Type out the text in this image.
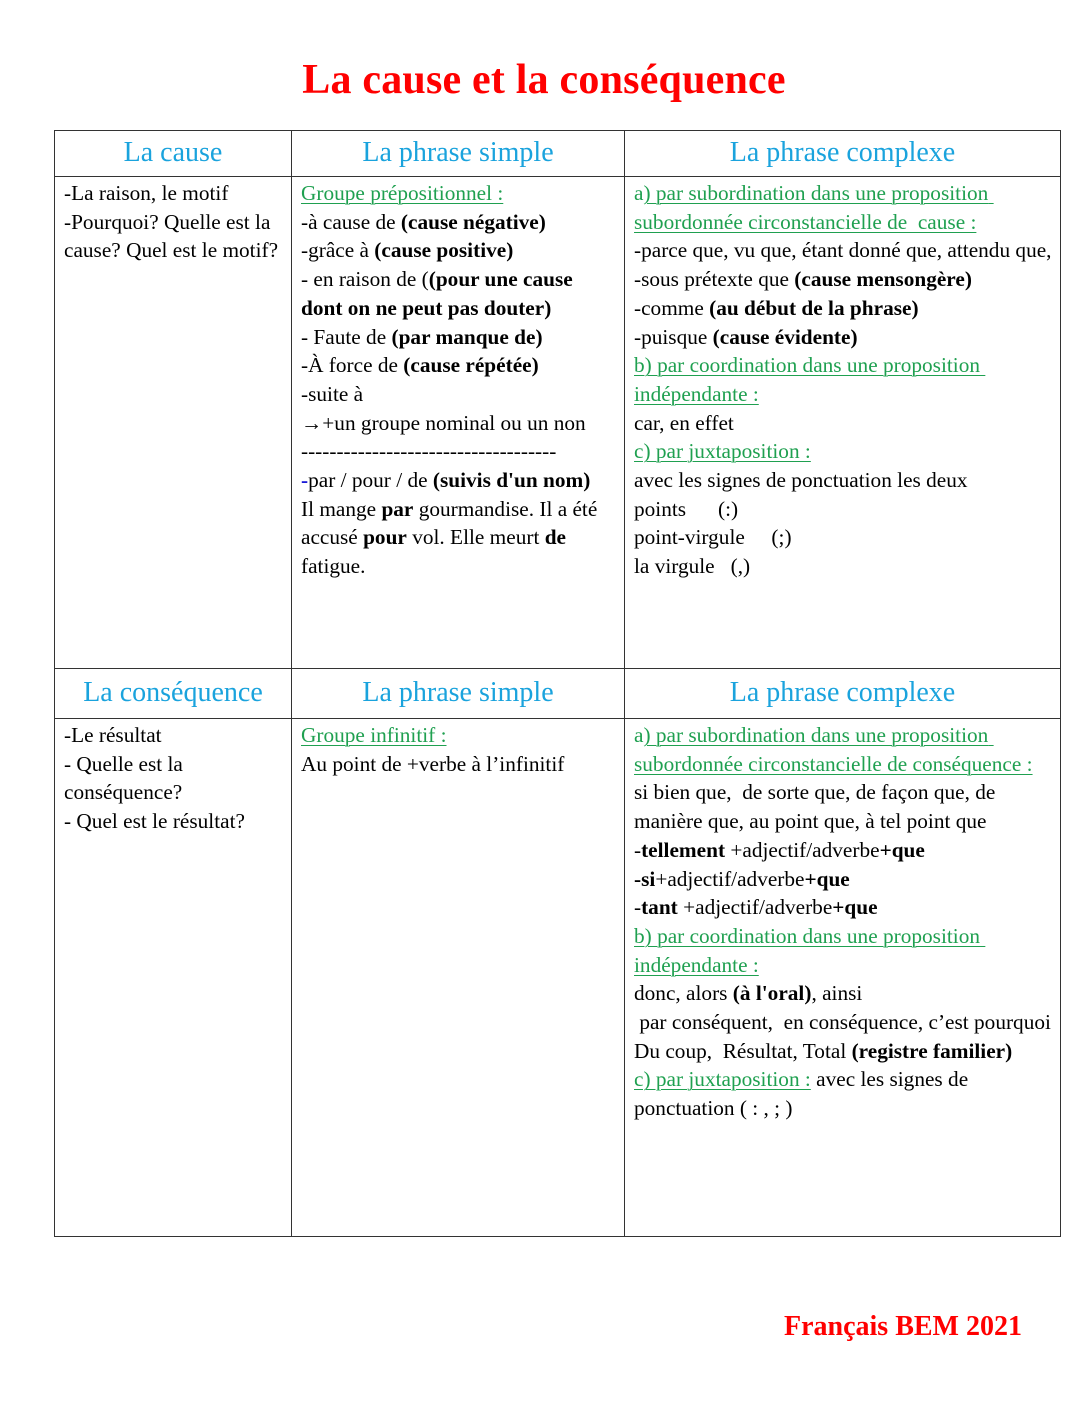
La cause et la conséquence
La cause	La phrase simple	La phrase complexe

-La raison, le motif
-Pourquoi? Quelle est la cause? Quel est le motif?

Groupe prépositionnel :
-à cause de (cause négative)
-grâce à (cause positive)
- en raison de ((pour une cause dont on ne peut pas douter)
- Faute de (par manque de)
-À force de (cause répétée)
-suite à
→+un groupe nominal ou un non
------------------------------------
-par / pour / de (suivis d'un nom)
Il mange par gourmandise. Il a été accusé pour vol. Elle meurt de fatigue.

a) par subordination dans une proposition subordonnée circonstancielle de  cause :
-parce que, vu que, étant donné que, attendu que,
-sous prétexte que (cause mensongère)
-comme (au début de la phrase)
-puisque (cause évidente)
b) par coordination dans une proposition indépendante :
car, en effet
c) par juxtaposition :
avec les signes de ponctuation les deux
points      (:)
point-virgule     (;)
la virgule   (,)

La conséquence	La phrase simple	La phrase complexe

-Le résultat
- Quelle est la conséquence?
- Quel est le résultat?

Groupe infinitif :
Au point de +verbe à l’infinitif

a) par subordination dans une proposition subordonnée circonstancielle de conséquence :
si bien que,  de sorte que, de façon que, de manière que, au point que, à tel point que
-tellement +adjectif/adverbe+que
-si+adjectif/adverbe+que
-tant +adjectif/adverbe+que
b) par coordination dans une proposition indépendante :
donc, alors (à l'oral), ainsi
par conséquent,  en conséquence, c’est pourquoi
Du coup,  Résultat, Total (registre familier)
c) par juxtaposition : avec les signes de ponctuation ( : , ; )
Français BEM 2021
